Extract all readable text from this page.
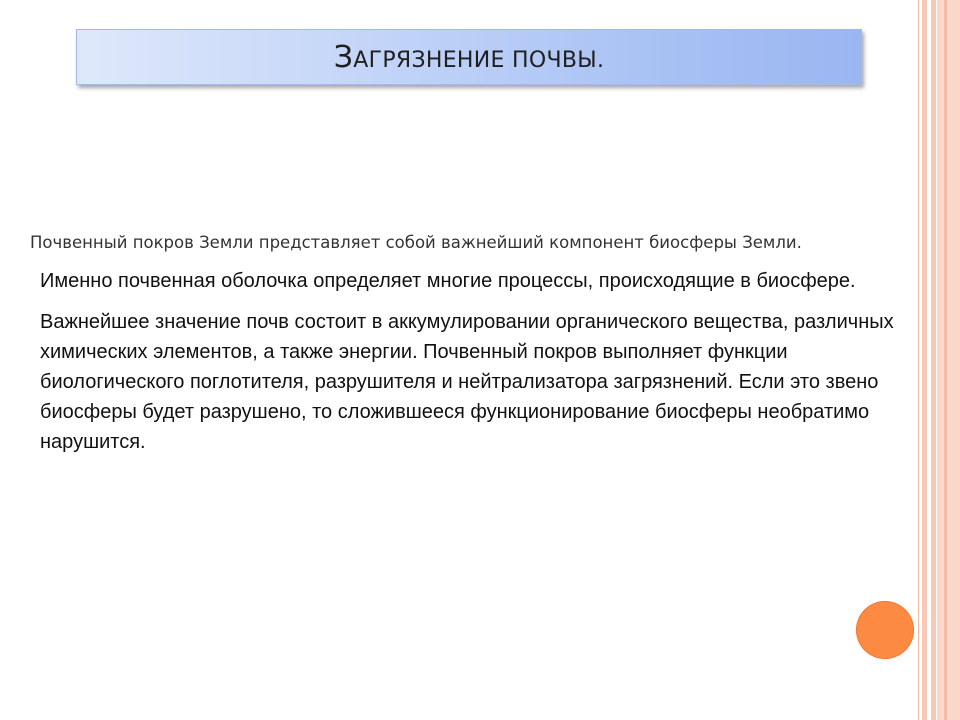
ЗАГРЯЗНЕНИЕ ПОЧВЫ.
Почвенный покров Земли представляет собой важнейший компонент биосферы Земли.

Именно почвенная оболочка определяет многие процессы, происходящие в биосфере.

Важнейшее значение почв состоит в аккумулировании органического вещества, различных химических элементов, а также энергии. Почвенный покров выполняет функции биологического поглотителя, разрушителя и нейтрализатора загрязнений. Если это звено биосферы будет разрушено, то сложившееся функционирование биосферы необратимо нарушится.
